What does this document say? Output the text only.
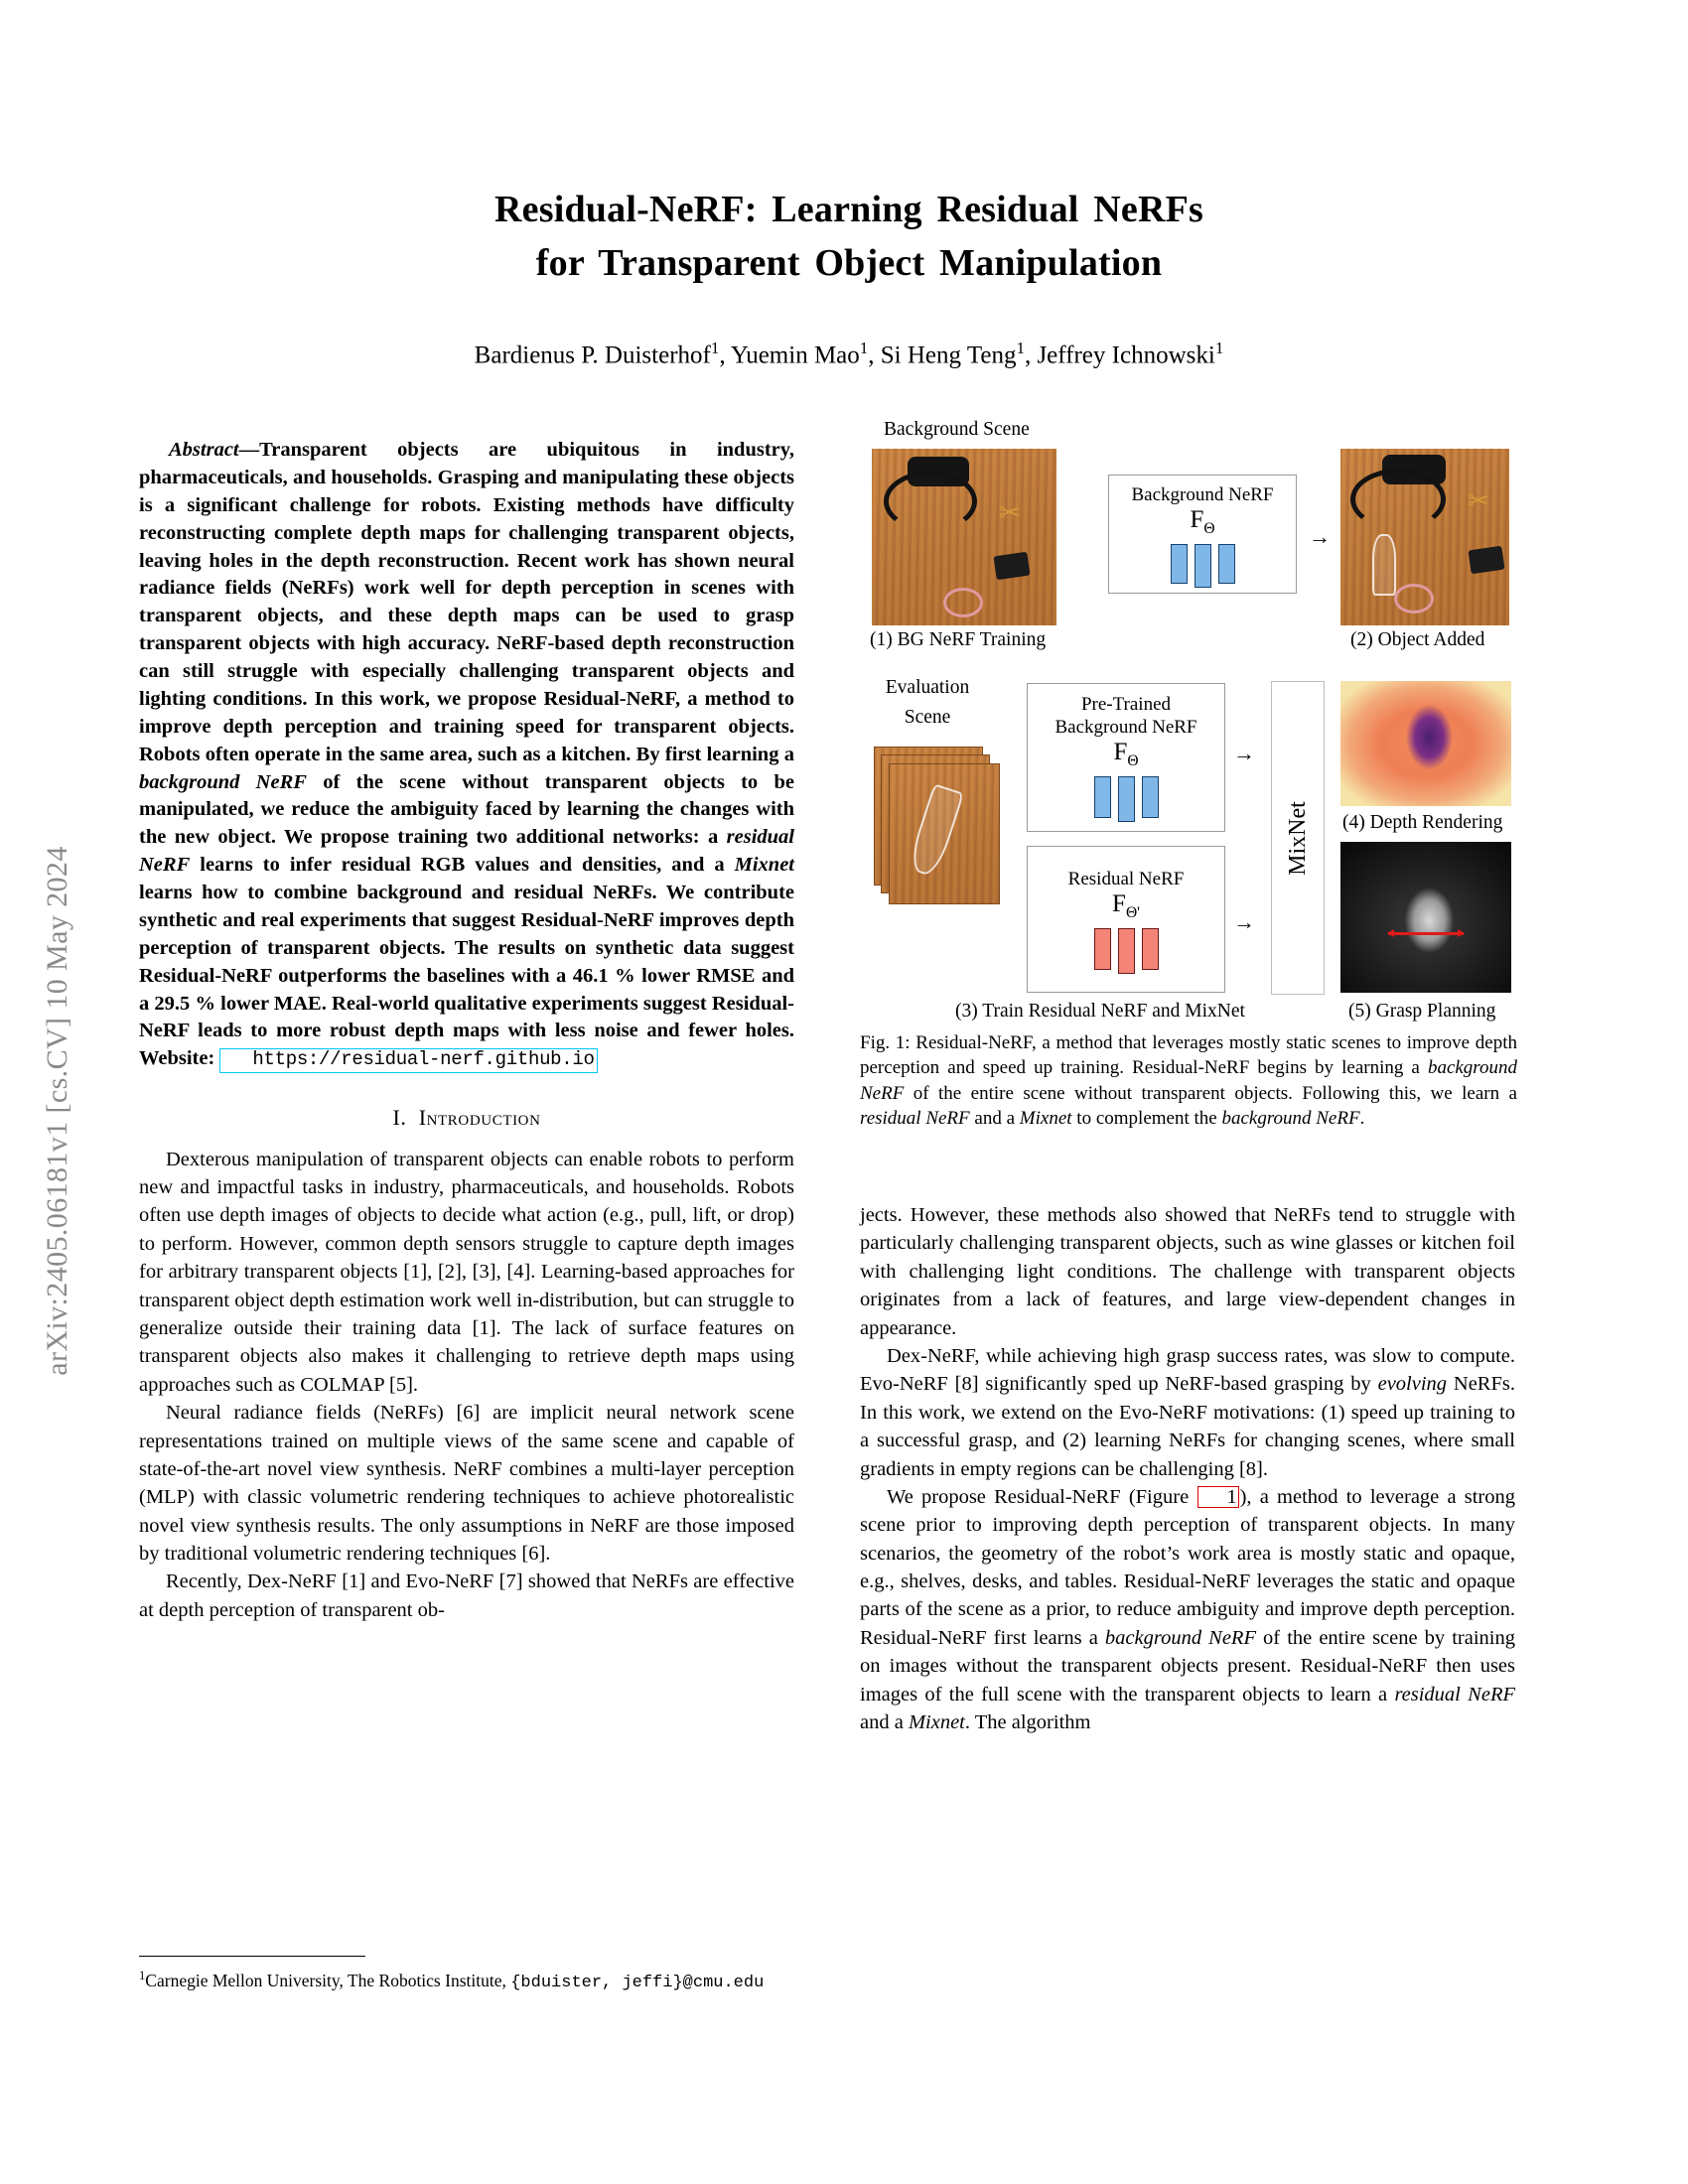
arXiv:2405.06181v1 [cs.CV] 10 May 2024
Residual-NeRF: Learning Residual NeRFs
for Transparent Object Manipulation
Bardienus P. Duisterhof$^1$, Yuemin Mao$^1$, Si Heng Teng$^1$, Jeffrey Ichnowski$^1$

Abstract—Transparent objects are ubiquitous in industry, pharmaceuticals, and households. Grasping and manipulating these objects is a significant challenge for robots. Existing methods have difficulty reconstructing complete depth maps for challenging transparent objects, leaving holes in the depth reconstruction. Recent work has shown neural radiance fields (NeRFs) work well for depth perception in scenes with transparent objects, and these depth maps can be used to grasp transparent objects with high accuracy. NeRF-based depth reconstruction can still struggle with especially challenging transparent objects and lighting conditions. In this work, we propose Residual-NeRF, a method to improve depth perception and training speed for transparent objects. Robots often operate in the same area, such as a kitchen. By first learning a background NeRF of the scene without transparent objects to be manipulated, we reduce the ambiguity faced by learning the changes with the new object. We propose training two additional networks: a residual NeRF learns to infer residual RGB values and densities, and a Mixnet learns how to combine background and residual NeRFs. We contribute synthetic and real experiments that suggest Residual-NeRF improves depth perception of transparent objects. The results on synthetic data suggest Residual-NeRF outperforms the baselines with a 46.1 % lower RMSE and a 29.5 % lower MAE. Real-world qualitative experiments suggest Residual-NeRF leads to more robust depth maps with less noise and fewer holes. Website: https://residual-nerf.github.io

I. Introduction

Dexterous manipulation of transparent objects can enable robots to perform new and impactful tasks in industry, pharmaceuticals, and households. Robots often use depth images of objects to decide what action (e.g., pull, lift, or drop) to perform. However, common depth sensors struggle to capture depth images for arbitrary transparent objects [1], [2], [3], [4]. Learning-based approaches for transparent object depth estimation work well in-distribution, but can struggle to generalize outside their training data [1]. The lack of surface features on transparent objects also makes it challenging to retrieve depth maps using approaches such as COLMAP [5].

Neural radiance fields (NeRFs) [6] are implicit neural network scene representations trained on multiple views of the same scene and capable of state-of-the-art novel view synthesis. NeRF combines a multi-layer perception (MLP) with classic volumetric rendering techniques to achieve photorealistic novel view synthesis results. The only assumptions in NeRF are those imposed by traditional volumetric rendering techniques [6].

Recently, Dex-NeRF [1] and Evo-NeRF [7] showed that NeRFs are effective at depth perception of transparent ob-

$^1$Carnegie Mellon University, The Robotics Institute, {bduister, jeffi}@cmu.edu
Background Scene
✂
(1) BG NeRF Training
Background NeRF
$F_\Theta$	→
✂
(2) Object Added
Evaluation
Scene
Pre-Trained
Background NeRF
$F_\Theta$
Residual NeRF
$F_{\Theta'}$
→
→
MixNet (4) Depth Rendering
(3) Train Residual NeRF and MixNet	(5) Grasp Planning
Fig. 1: Residual-NeRF, a method that leverages mostly static scenes to improve depth perception and speed up training. Residual-NeRF begins by learning a background NeRF of the entire scene without transparent objects. Following this, we learn a residual NeRF and a Mixnet to complement the background NeRF.

jects. However, these methods also showed that NeRFs tend to struggle with particularly challenging transparent objects, such as wine glasses or kitchen foil with challenging light conditions. The challenge with transparent objects originates from a lack of features, and large view-dependent changes in appearance.

Dex-NeRF, while achieving high grasp success rates, was slow to compute. Evo-NeRF [8] significantly sped up NeRF-based grasping by evolving NeRFs. In this work, we extend on the Evo-NeRF motivations: (1) speed up training to a successful grasp, and (2) learning NeRFs for changing scenes, where small gradients in empty regions can be challenging [8].

We propose Residual-NeRF (Figure 1 ), a method to leverage a strong scene prior to improving depth perception of transparent objects. In many scenarios, the geometry of the robot’s work area is mostly static and opaque, e.g., shelves, desks, and tables. Residual-NeRF leverages the static and opaque parts of the scene as a prior, to reduce ambiguity and improve depth perception. Residual-NeRF first learns a background NeRF of the entire scene by training on images without the transparent objects present. Residual-NeRF then uses images of the full scene with the transparent objects to learn a residual NeRF and a Mixnet. The algorithm
